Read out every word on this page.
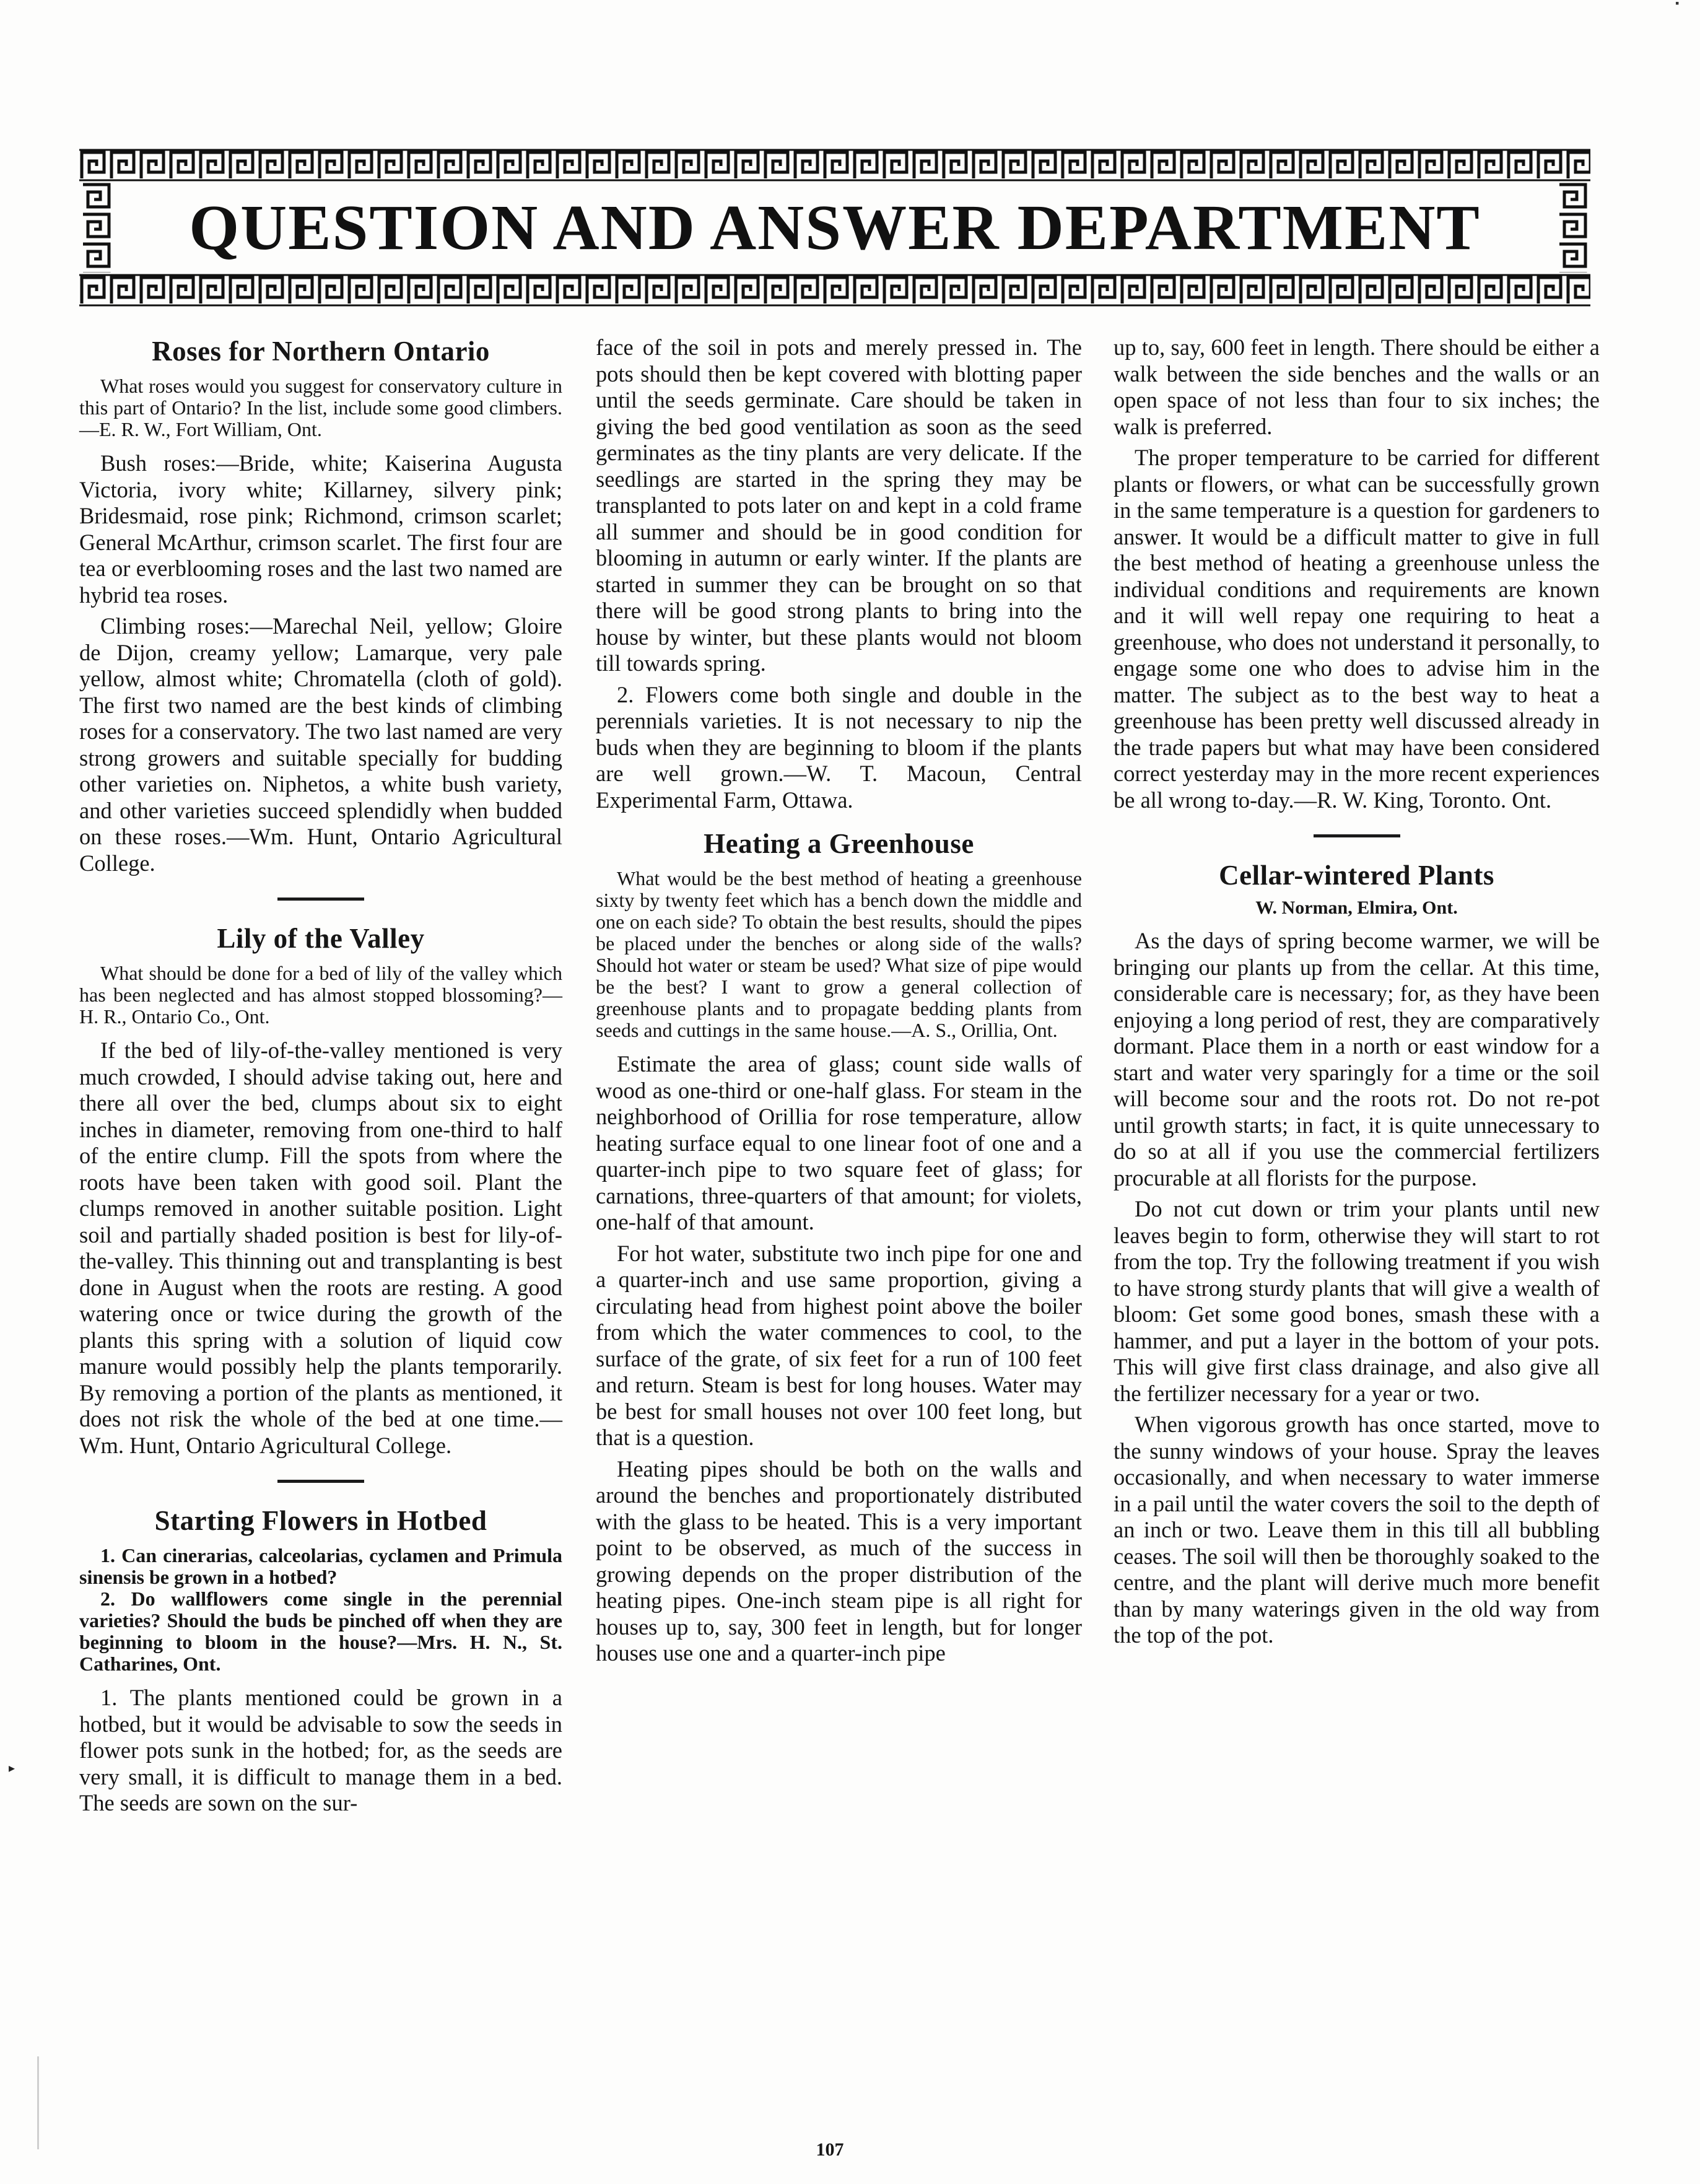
▪
QUESTION AND ANSWER DEPARTMENT
Roses for Northern Ontario

What roses would you suggest for conservatory culture in this part of Ontario? In the list, include some good climbers.—E. R. W., Fort William, Ont.

Bush roses:—Bride, white; Kaiserina Augusta Victoria, ivory white; Killarney, silvery pink; Bridesmaid, rose pink; Richmond, crimson scarlet; General McArthur, crimson scarlet. The first four are tea or everblooming roses and the last two named are hybrid tea roses.

Climbing roses:—Marechal Neil, yellow; Gloire de Dijon, creamy yellow; Lamarque, very pale yellow, almost white; Chromatella (cloth of gold). The first two named are the best kinds of climbing roses for a conservatory. The two last named are very strong growers and suitable specially for budding other varieties on. Niphetos, a white bush variety, and other varieties succeed splendidly when budded on these roses.—Wm. Hunt, Ontario Agricultural College.

Lily of the Valley

What should be done for a bed of lily of the valley which has been neglected and has almost stopped blossoming?—H. R., Ontario Co., Ont.

If the bed of lily-of-the-valley mentioned is very much crowded, I should advise taking out, here and there all over the bed, clumps about six to eight inches in diameter, removing from one-third to half of the entire clump. Fill the spots from where the roots have been taken with good soil. Plant the clumps removed in another suitable position. Light soil and partially shaded position is best for lily-of-the-valley. This thinning out and transplanting is best done in August when the roots are resting. A good watering once or twice during the growth of the plants this spring with a solution of liquid cow manure would possibly help the plants temporarily. By removing a portion of the plants as mentioned, it does not risk the whole of the bed at one time.—Wm. Hunt, Ontario Agricultural College.

Starting Flowers in Hotbed

1. Can cinerarias, calceolarias, cyclamen and Primula sinensis be grown in a hotbed?

2. Do wallflowers come single in the perennial varieties? Should the buds be pinched off when they are beginning to bloom in the house?—Mrs. H. N., St. Catharines, Ont.

1. The plants mentioned could be grown in a hotbed, but it would be advisable to sow the seeds in flower pots sunk in the hotbed; for, as the seeds are very small, it is difficult to manage them in a bed. The seeds are sown on the sur-

face of the soil in pots and merely pressed in. The pots should then be kept covered with blotting paper until the seeds germinate. Care should be taken in giving the bed good ventilation as soon as the seed germinates as the tiny plants are very delicate. If the seedlings are started in the spring they may be transplanted to pots later on and kept in a cold frame all summer and should be in good condition for blooming in autumn or early winter. If the plants are started in summer they can be brought on so that there will be good strong plants to bring into the house by winter, but these plants would not bloom till towards spring.

2. Flowers come both single and double in the perennials varieties. It is not necessary to nip the buds when they are beginning to bloom if the plants are well grown.—W. T. Macoun, Central Experimental Farm, Ottawa.

Heating a Greenhouse

What would be the best method of heating a greenhouse sixty by twenty feet which has a bench down the middle and one on each side? To obtain the best results, should the pipes be placed under the benches or along side of the walls? Should hot water or steam be used? What size of pipe would be the best? I want to grow a general collection of greenhouse plants and to propagate bedding plants from seeds and cuttings in the same house.—A. S., Orillia, Ont.

Estimate the area of glass; count side walls of wood as one-third or one-half glass. For steam in the neighborhood of Orillia for rose temperature, allow heating surface equal to one linear foot of one and a quarter-inch pipe to two square feet of glass; for carnations, three-quarters of that amount; for violets, one-half of that amount.

For hot water, substitute two inch pipe for one and a quarter-inch and use same proportion, giving a circulating head from highest point above the boiler from which the water commences to cool, to the surface of the grate, of six feet for a run of 100 feet and return. Steam is best for long houses. Water may be best for small houses not over 100 feet long, but that is a question.

Heating pipes should be both on the walls and around the benches and proportionately distributed with the glass to be heated. This is a very important point to be observed, as much of the success in growing depends on the proper distribution of the heating pipes. One-inch steam pipe is all right for houses up to, say, 300 feet in length, but for longer houses use one and a quarter-inch pipe

up to, say, 600 feet in length. There should be either a walk between the side benches and the walls or an open space of not less than four to six inches; the walk is preferred.

The proper temperature to be carried for different plants or flowers, or what can be successfully grown in the same temperature is a question for gardeners to answer. It would be a difficult matter to give in full the best method of heating a greenhouse unless the individual conditions and requirements are known and it will well repay one requiring to heat a greenhouse, who does not understand it personally, to engage some one who does to advise him in the matter. The subject as to the best way to heat a greenhouse has been pretty well discussed already in the trade papers but what may have been considered correct yesterday may in the more recent experiences be all wrong to-day.—R. W. King, Toronto. Ont.

Cellar-wintered Plants
W. Norman, Elmira, Ont.

As the days of spring become warmer, we will be bringing our plants up from the cellar. At this time, considerable care is necessary; for, as they have been enjoying a long period of rest, they are comparatively dormant. Place them in a north or east window for a start and water very sparingly for a time or the soil will become sour and the roots rot. Do not re-pot until growth starts; in fact, it is quite unnecessary to do so at all if you use the commercial fertilizers procurable at all florists for the purpose.

Do not cut down or trim your plants until new leaves begin to form, otherwise they will start to rot from the top. Try the following treatment if you wish to have strong sturdy plants that will give a wealth of bloom: Get some good bones, smash these with a hammer, and put a layer in the bottom of your pots. This will give first class drainage, and also give all the fertilizer necessary for a year or two.

When vigorous growth has once started, move to the sunny windows of your house. Spray the leaves occasionally, and when necessary to water immerse in a pail until the water covers the soil to the depth of an inch or two. Leave them in this till all bubbling ceases. The soil will then be thoroughly soaked to the centre, and the plant will derive much more benefit than by many waterings given in the old way from the top of the pot.

▸
107
